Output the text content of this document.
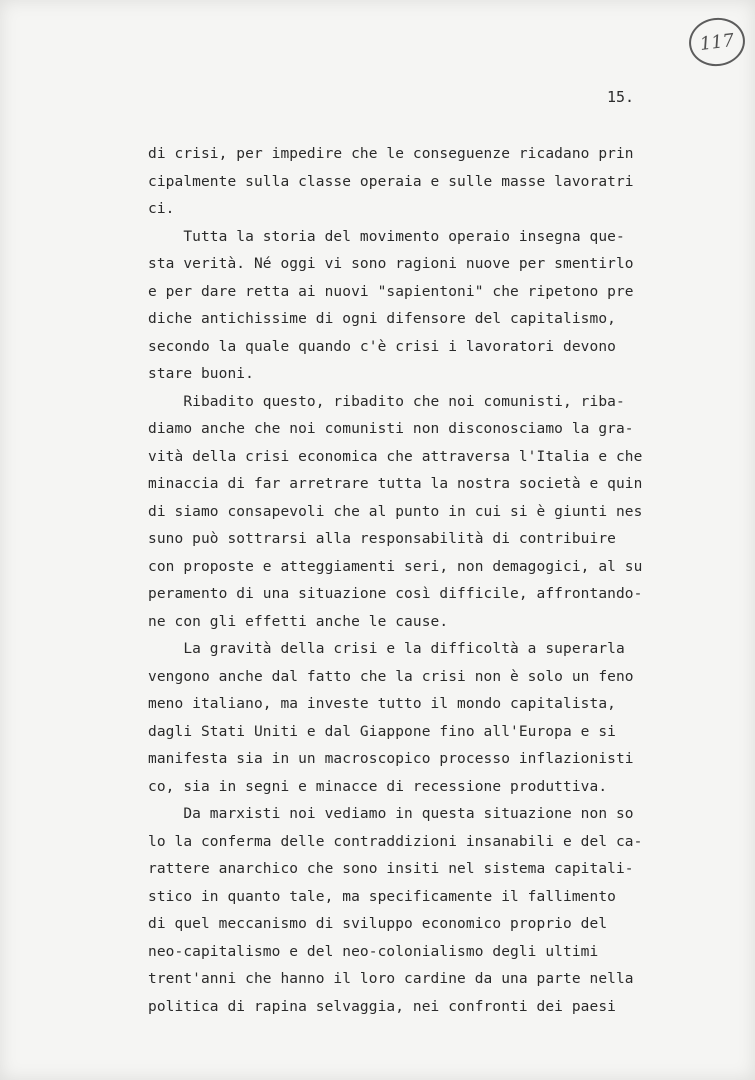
117
15.
di crisi, per impedire che le conseguenze ricadano prin
cipalmente sulla classe operaia e sulle masse lavoratri
ci.
Tutta la storia del movimento operaio insegna que-
sta verità. Né oggi vi sono ragioni nuove per smentirlo
e per dare retta ai nuovi "sapientoni" che ripetono pre
diche antichissime di ogni difensore del capitalismo,
secondo la quale quando c'è crisi i lavoratori devono
stare buoni.
Ribadito questo, ribadito che noi comunisti, riba-
diamo anche che noi comunisti non disconosciamo la gra-
vità della crisi economica che attraversa l'Italia e che
minaccia di far arretrare tutta la nostra società e quin
di siamo consapevoli che al punto in cui si è giunti nes
suno può sottrarsi alla responsabilità di contribuire
con proposte e atteggiamenti seri, non demagogici, al su
peramento di una situazione così difficile, affrontando-
ne con gli effetti anche le cause.
La gravità della crisi e la difficoltà a superarla
vengono anche dal fatto che la crisi non è solo un feno
meno italiano, ma investe tutto il mondo capitalista,
dagli Stati Uniti e dal Giappone fino all'Europa e si
manifesta sia in un macroscopico processo inflazionisti
co, sia in segni e minacce di recessione produttiva.
Da marxisti noi vediamo in questa situazione non so
lo la conferma delle contraddizioni insanabili e del ca-
rattere anarchico che sono insiti nel sistema capitali-
stico in quanto tale, ma specificamente il fallimento
di quel meccanismo di sviluppo economico proprio del
neo-capitalismo e del neo-colonialismo degli ultimi
trent'anni che hanno il loro cardine da una parte nella
politica di rapina selvaggia, nei confronti dei paesi
